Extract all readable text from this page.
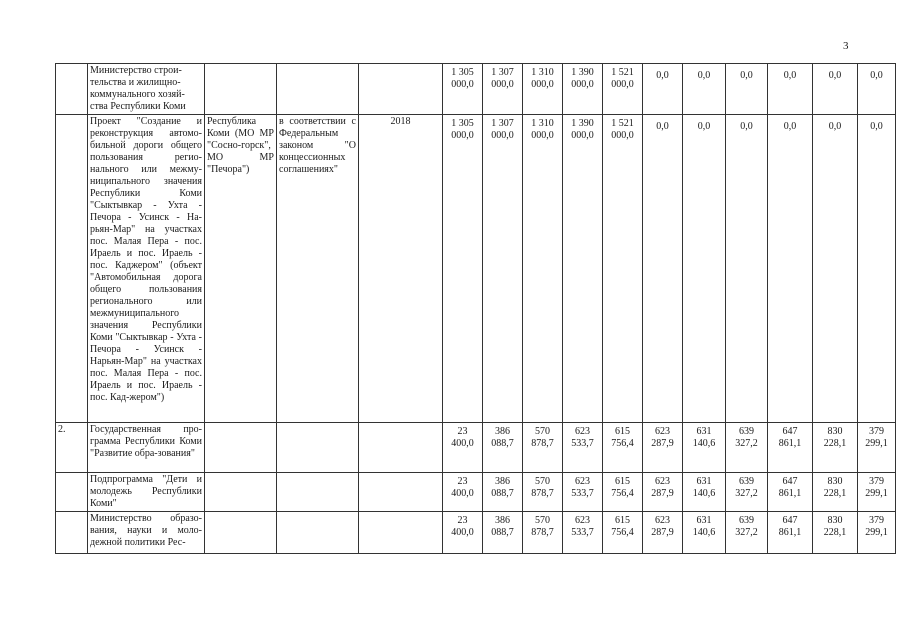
3
	Министерство строи-
тельства и жилищно-
коммунального хозяй-
ства Республики Коми				1 305
000,0	1 307
000,0	1 310
000,0	1 390
000,0	1 521
000,0	0,0	0,0	0,0	0,0	0,0	0,0
	Проект "Создание и реконструкция автомо-бильной дороги общего пользования регио-нального или межму-ниципального значения Республики Коми "Сыктывкар - Ухта - Печора - Усинск - На-рьян-Мар" на участках пос. Малая Пера - пос. Ираель и пос. Ираель - пос. Каджером" (объект "Автомобильная дорога общего пользования регионального или межмуниципального значения Республики Коми "Сыктывкар - Ухта - Печора - Усинск - Нарьян-Мар" на участках пос. Малая Пера - пос. Ираель и пос. Ираель - пос. Кад-жером")	Республика Коми (МО МР "Сосно-горск", МО МР "Печора")	в соответствии с Федеральным законом "О концессионных соглашениях"	2018	1 305
000,0	1 307
000,0	1 310
000,0	1 390
000,0	1 521
000,0	0,0	0,0	0,0	0,0	0,0	0,0
2.	Государственная про-грамма Республики Коми "Развитие обра-зования"				23
400,0	386
088,7	570
878,7	623
533,7	615
756,4	623
287,9	631
140,6	639
327,2	647
861,1	830
228,1	379
299,1
	Подпрограмма "Дети и молодежь Республики Коми"				23
400,0	386
088,7	570
878,7	623
533,7	615
756,4	623
287,9	631
140,6	639
327,2	647
861,1	830
228,1	379
299,1
	Министерство образо-вания, науки и моло-дежной политики Рес-				23
400,0	386
088,7	570
878,7	623
533,7	615
756,4	623
287,9	631
140,6	639
327,2	647
861,1	830
228,1	379
299,1
